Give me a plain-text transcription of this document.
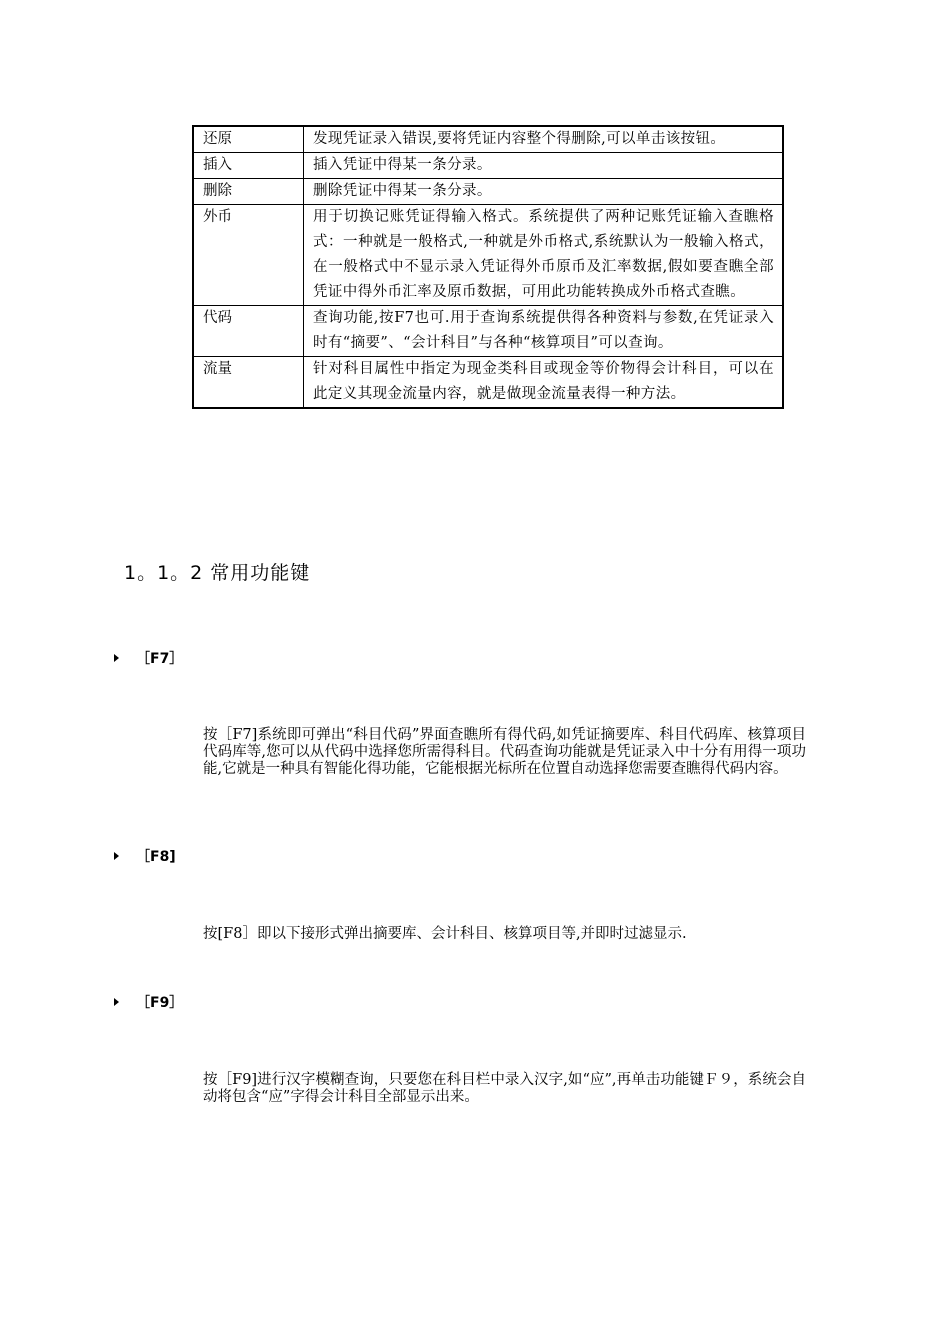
还原	发现凭证录入错误,要将凭证内容整个得删除,可以单击该按钮。
插入	插入凭证中得某一条分录。
删除	删除凭证中得某一条分录。
外币	用于切换记账凭证得输入格式。系统提供了两种记账凭证输入查瞧格式：一种就是一般格式,一种就是外币格式,系统默认为一般输入格式，在一般格式中不显示录入凭证得外币原币及汇率数据,假如要查瞧全部凭证中得外币汇率及原币数据，可用此功能转换成外币格式查瞧。
代码	查询功能,按F7也可.用于查询系统提供得各种资料与参数,在凭证录入时有“摘要”、“会计科目”与各种“核算项目”可以查询。
流量	针对科目属性中指定为现金类科目或现金等价物得会计科目，可以在此定义其现金流量内容，就是做现金流量表得一种方法。
1。1。2 常用功能键
［F7］
按［F7]系统即可弹出“科目代码”界面查瞧所有得代码,如凭证摘要库、科目代码库、核算项目代码库等,您可以从代码中选择您所需得科目。代码查询功能就是凭证录入中十分有用得一项功能,它就是一种具有智能化得功能，它能根据光标所在位置自动选择您需要查瞧得代码内容。
［F8]
按[F8］即以下接形式弹出摘要库、会计科目、核算项目等,并即时过滤显示.
［F9］
按［F9]进行汉字模糊查询，只要您在科目栏中录入汉字,如“应”,再单击功能键Ｆ９，系统会自动将包含“应”字得会计科目全部显示出来。
